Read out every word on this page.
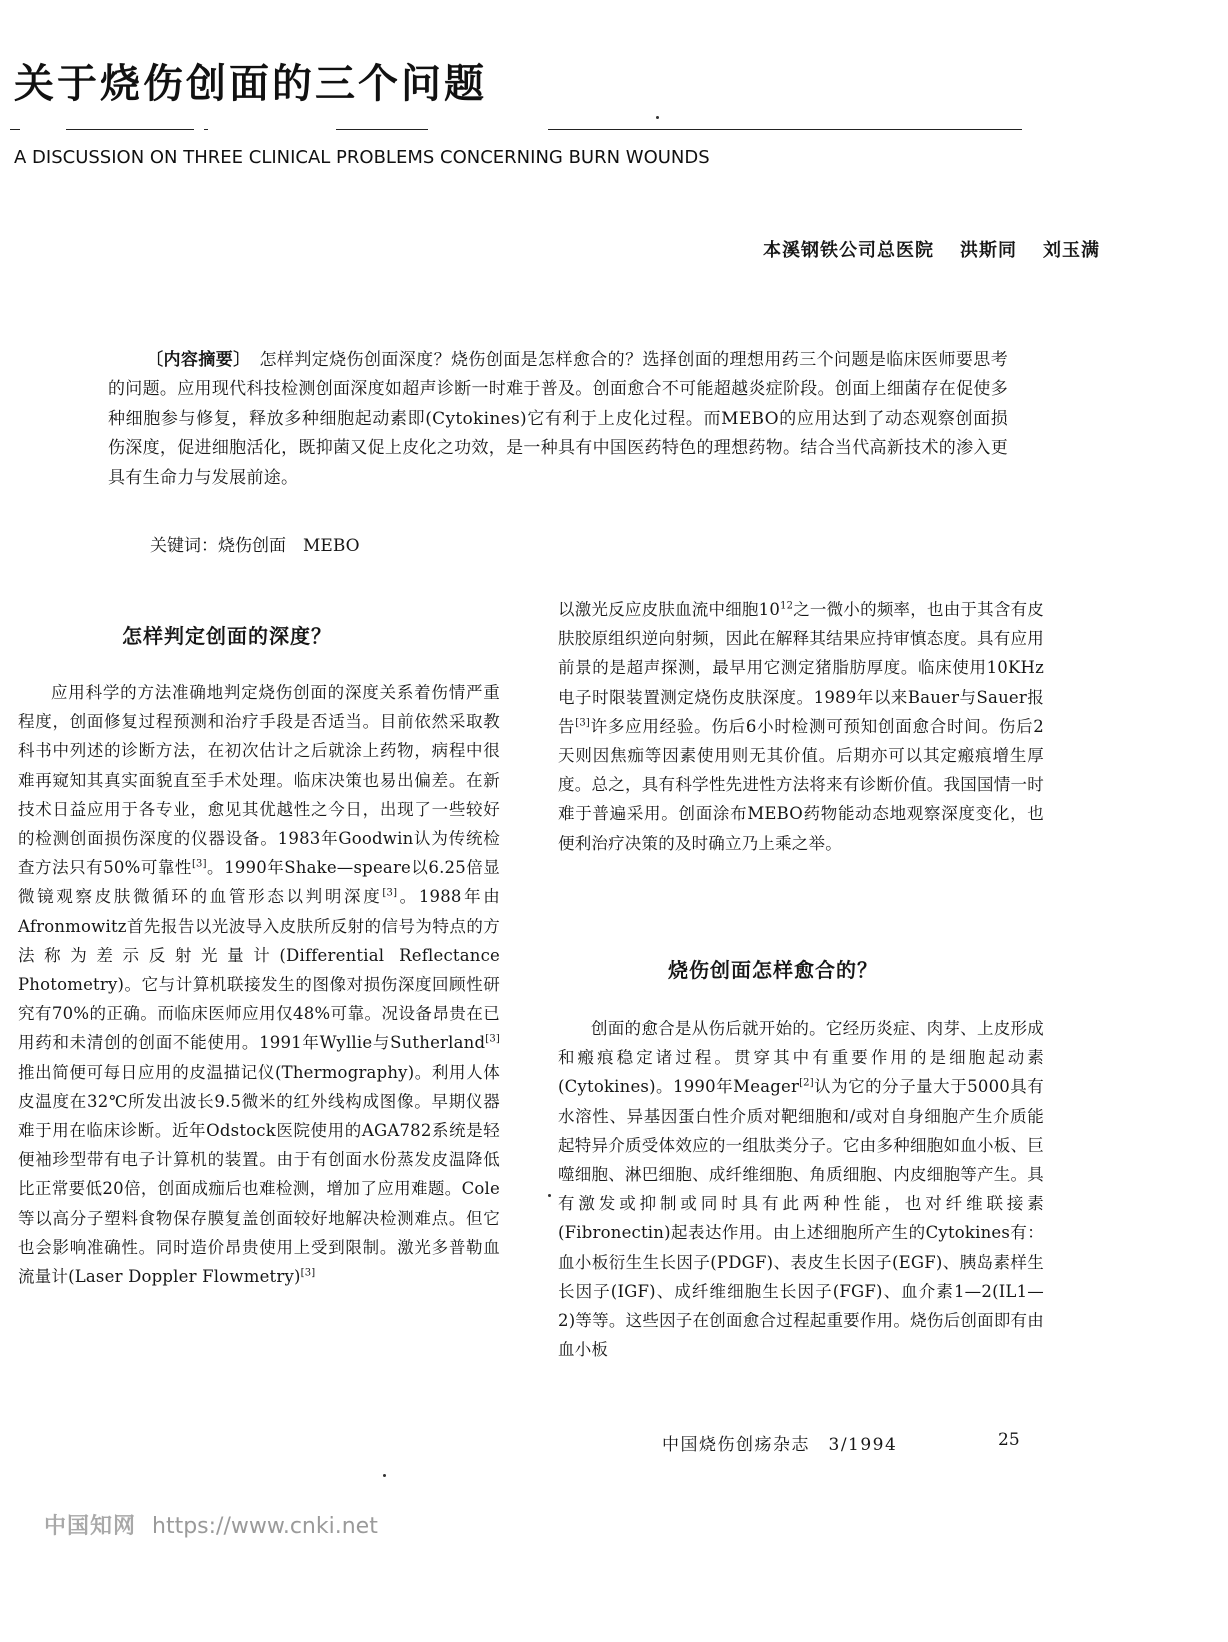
关于烧伤创面的三个问题
A DISCUSSION ON THREE CLINICAL PROBLEMS CONCERNING BURN WOUNDS
本溪钢铁公司总医院 洪斯同 刘玉满
〔内容摘要〕　 怎样判定烧伤创面深度？烧伤创面是怎样愈合的？选择创面的理想用药三个问题是临床医师要思考的问题。应用现代科技检测创面深度如超声诊断一时难于普及。创面愈合不可能超越炎症阶段。创面上细菌存在促使多种细胞参与修复，释放多种细胞起动素即(Cytokines)它有利于上皮化过程。而MEBO的应用达到了动态观察创面损伤深度，促进细胞活化，既抑菌又促上皮化之功效，是一种具有中国医药特色的理想药物。结合当代高新技术的渗入更具有生命力与发展前途。
关键词：烧伤创面　MEBO
怎样判定创面的深度？

应用科学的方法准确地判定烧伤创面的深度关系着伤情严重程度，创面修复过程预测和治疗手段是否适当。目前依然采取教科书中列述的诊断方法，在初次估计之后就涂上药物，病程中很难再窥知其真实面貌直至手术处理。临床决策也易出偏差。在新技术日益应用于各专业，愈见其优越性之今日，出现了一些较好的检测创面损伤深度的仪器设备。1983年Goodwin认为传统检查方法只有50%可靠性[3]。1990年Shake—speare以6.25倍显微镜观察皮肤微循环的血管形态以判明深度[3]。1988年由Afronmowitz首先报告以光波导入皮肤所反射的信号为特点的方法称为差示反射光量计(Differential Reflectance Photometry)。它与计算机联接发生的图像对损伤深度回顾性研究有70%的正确。而临床医师应用仅48%可靠。况设备昂贵在已用药和未清创的创面不能使用。1991年Wyllie与Sutherland[3]推出简便可每日应用的皮温描记仪(Thermography)。利用人体皮温度在32℃所发出波长9.5微米的红外线构成图像。早期仪器难于用在临床诊断。近年Odstock医院使用的AGA782系统是轻便袖珍型带有电子计算机的装置。由于有创面水份蒸发皮温降低比正常要低20倍，创面成痂后也难检测，增加了应用难题。Cole等以高分子塑料食物保存膜复盖创面较好地解决检测难点。但它也会影响准确性。同时造价昂贵使用上受到限制。激光多普勒血流量计(Laser Doppler Flowmetry)[3]

以激光反应皮肤血流中细胞$10^{12}$之一微小的频率，也由于其含有皮肤胶原组织逆向射频，因此在解释其结果应持审慎态度。具有应用前景的是超声探测，最早用它测定猪脂肪厚度。临床使用10KHz电子时限装置测定烧伤皮肤深度。1989年以来Bauer与Sauer报告[3]许多应用经验。伤后6小时检测可预知创面愈合时间。伤后2天则因焦痂等因素使用则无其价值。后期亦可以其定瘢痕增生厚度。总之，具有科学性先进性方法将来有诊断价值。我国国情一时难于普遍采用。创面涂布MEBO药物能动态地观察深度变化，也便利治疗决策的及时确立乃上乘之举。

烧伤创面怎样愈合的？

创面的愈合是从伤后就开始的。它经历炎症、肉芽、上皮形成和瘢痕稳定诸过程。贯穿其中有重要作用的是细胞起动素(Cytokines)。1990年Meager[2]认为它的分子量大于5000具有水溶性、异基因蛋白性介质对靶细胞和/或对自身细胞产生介质能起特异介质受体效应的一组肽类分子。它由多种细胞如血小板、巨噬细胞、淋巴细胞、成纤维细胞、角质细胞、内皮细胞等产生。具有激发或抑制或同时具有此两种性能，也对纤维联接素(Fibronectin)起表达作用。由上述细胞所产生的Cytokines有：血小板衍生生长因子(PDGF)、表皮生长因子(EGF)、胰岛素样生长因子(IGF)、成纤维细胞生长因子(FGF)、血介素1—2(IL1—2)等等。这些因子在创面愈合过程起重要作用。烧伤后创面即有由血小板

中国烧伤创疡杂志　3/1994	25
中国知网 https://www.cnki.net
